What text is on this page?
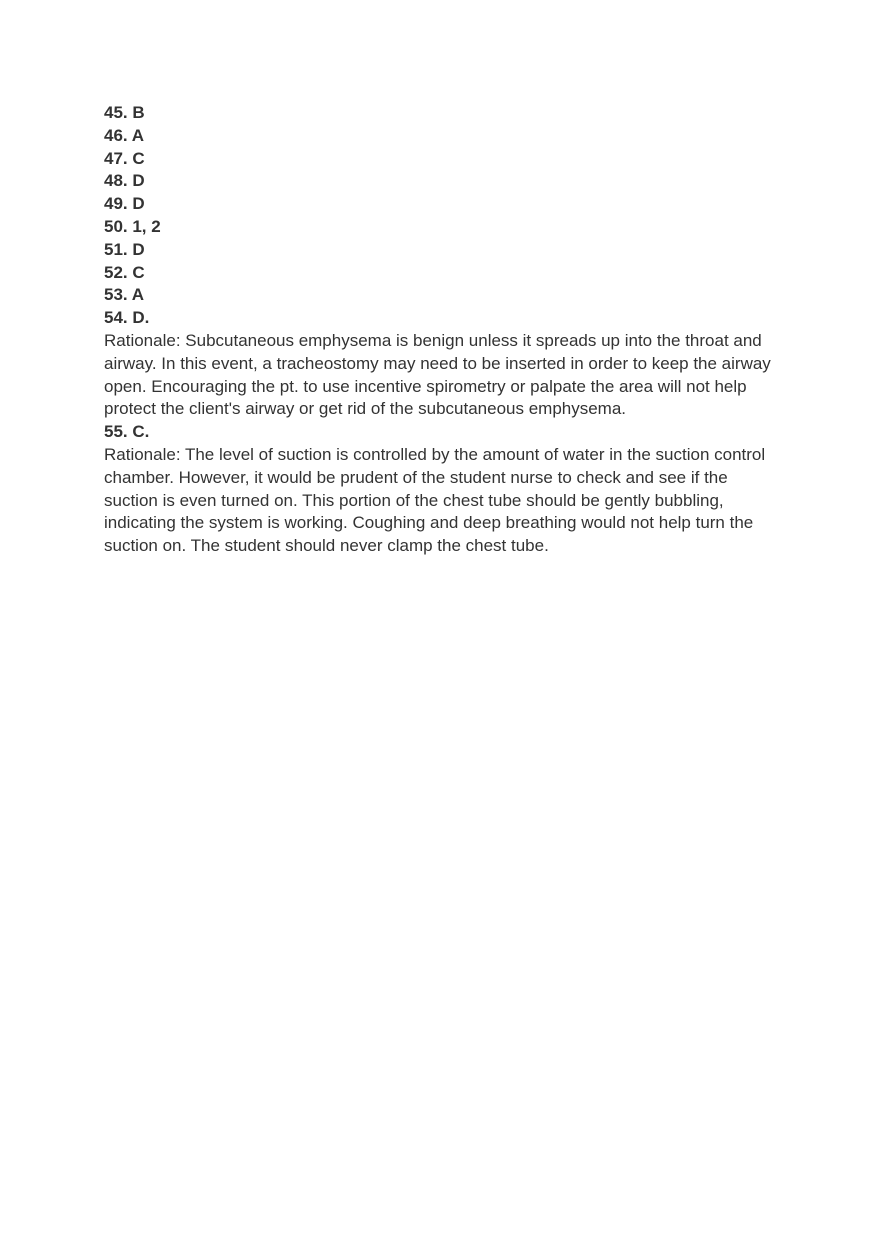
45. B
46. A
47. C
48. D
49. D
50. 1, 2
51. D
52. C
53. A
54. D.

Rationale: Subcutaneous emphysema is benign unless it spreads up into the throat and airway. In this event, a tracheostomy may need to be inserted in order to keep the airway open. Encouraging the pt. to use incentive spirometry or palpate the area will not help protect the client's airway or get rid of the subcutaneous emphysema.

55. C.

Rationale: The level of suction is controlled by the amount of water in the suction control chamber. However, it would be prudent of the student nurse to check and see if the suction is even turned on. This portion of the chest tube should be gently bubbling, indicating the system is working. Coughing and deep breathing would not help turn the suction on. The student should never clamp the chest tube.
